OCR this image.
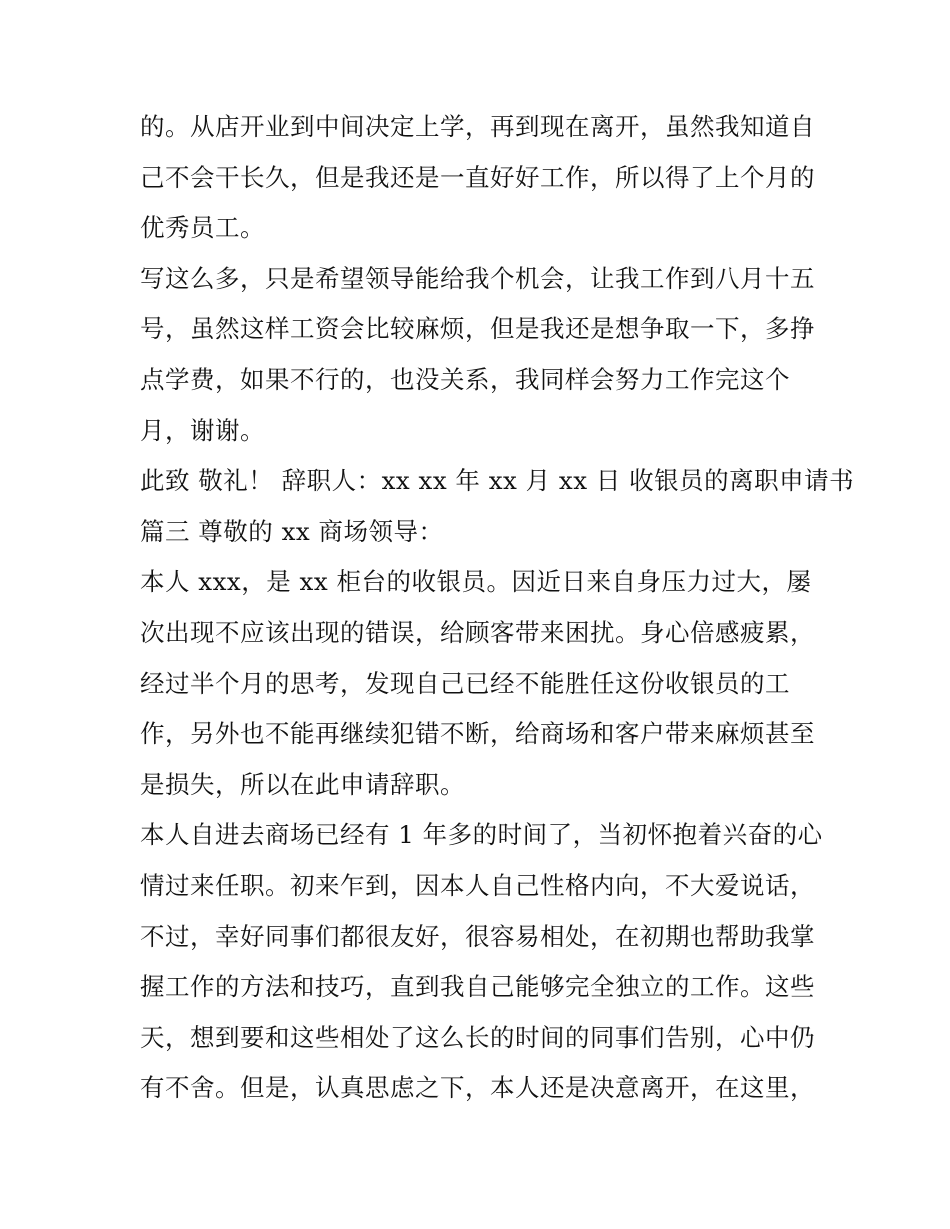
的。从店开业到中间决定上学，再到现在离开，虽然我知道自
己不会干长久，但是我还是一直好好工作，所以得了上个月的
优秀员工。
写这么多，只是希望领导能给我个机会，让我工作到八月十五
号，虽然这样工资会比较麻烦，但是我还是想争取一下，多挣
点学费，如果不行的，也没关系，我同样会努力工作完这个
月，谢谢。
此致 敬礼！ 辞职人：xx xx 年 xx 月 xx 日 收银员的离职申请书
篇三 尊敬的 xx 商场领导：
本人 xxx，是 xx 柜台的收银员。因近日来自身压力过大，屡
次出现不应该出现的错误，给顾客带来困扰。身心倍感疲累，
经过半个月的思考，发现自己已经不能胜任这份收银员的工
作，另外也不能再继续犯错不断，给商场和客户带来麻烦甚至
是损失，所以在此申请辞职。
本人自进去商场已经有 1 年多的时间了，当初怀抱着兴奋的心
情过来任职。初来乍到，因本人自己性格内向，不大爱说话，
不过，幸好同事们都很友好，很容易相处，在初期也帮助我掌
握工作的方法和技巧，直到我自己能够完全独立的工作。这些
天，想到要和这些相处了这么长的时间的同事们告别，心中仍
有不舍。但是，认真思虑之下，本人还是决意离开，在这里，
